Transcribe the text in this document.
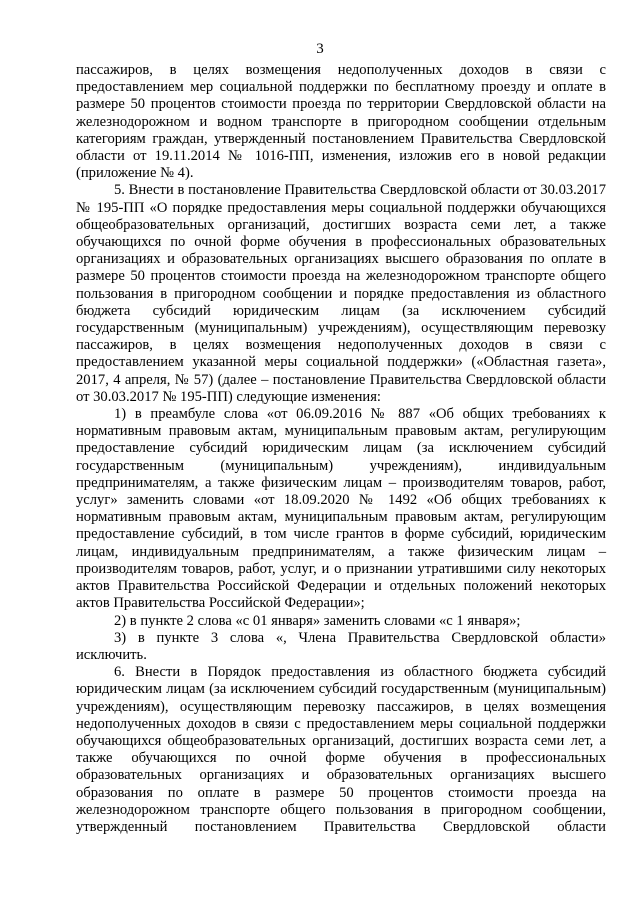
3

пассажиров, в целях возмещения недополученных доходов в связи с предоставлением мер социальной поддержки по бесплатному проезду и оплате в размере 50 процентов стоимости проезда по территории Свердловской области на железнодорожном и водном транспорте в пригородном сообщении отдельным категориям граждан, утвержденный постановлением Правительства Свердловской области от 19.11.2014 № 1016-ПП, изменения, изложив его в новой редакции (приложение № 4).

5. Внести в постановление Правительства Свердловской области от 30.03.2017 № 195-ПП «О порядке предоставления меры социальной поддержки обучающихся общеобразовательных организаций, достигших возраста семи лет, а также обучающихся по очной форме обучения в профессиональных образовательных организациях и образовательных организациях высшего образования по оплате в размере 50 процентов стоимости проезда на железнодорожном транспорте общего пользования в пригородном сообщении и порядке предоставления из областного бюджета субсидий юридическим лицам (за исключением субсидий государственным (муниципальным) учреждениям), осуществляющим перевозку пассажиров, в целях возмещения недополученных доходов в связи с предоставлением указанной меры социальной поддержки» («Областная газета», 2017, 4 апреля, № 57) (далее – постановление Правительства Свердловской области от 30.03.2017 № 195-ПП) следующие изменения:

1) в преамбуле слова «от 06.09.2016 № 887 «Об общих требованиях к нормативным правовым актам, муниципальным правовым актам, регулирующим предоставление субсидий юридическим лицам (за исключением субсидий государственным (муниципальным) учреждениям), индивидуальным предпринимателям, а также физическим лицам – производителям товаров, работ, услуг» заменить словами «от 18.09.2020 № 1492 «Об общих требованиях к нормативным правовым актам, муниципальным правовым актам, регулирующим предоставление субсидий, в том числе грантов в форме субсидий, юридическим лицам, индивидуальным предпринимателям, а также физическим лицам – производителям товаров, работ, услуг, и о признании утратившими силу некоторых актов Правительства Российской Федерации и отдельных положений некоторых актов Правительства Российской Федерации»;

2) в пункте 2 слова «с 01 января» заменить словами «с 1 января»;

3) в пункте 3 слова «, Члена Правительства Свердловской области» исключить.

6. Внести в Порядок предоставления из областного бюджета субсидий юридическим лицам (за исключением субсидий государственным (муниципальным) учреждениям), осуществляющим перевозку пассажиров, в целях возмещения недополученных доходов в связи с предоставлением меры социальной поддержки обучающихся общеобразовательных организаций, достигших возраста семи лет, а также обучающихся по очной форме обучения в профессиональных образовательных организациях и образовательных организациях высшего образования по оплате в размере 50 процентов стоимости проезда на железнодорожном транспорте общего пользования в пригородном сообщении, утвержденный постановлением Правительства Свердловской области
